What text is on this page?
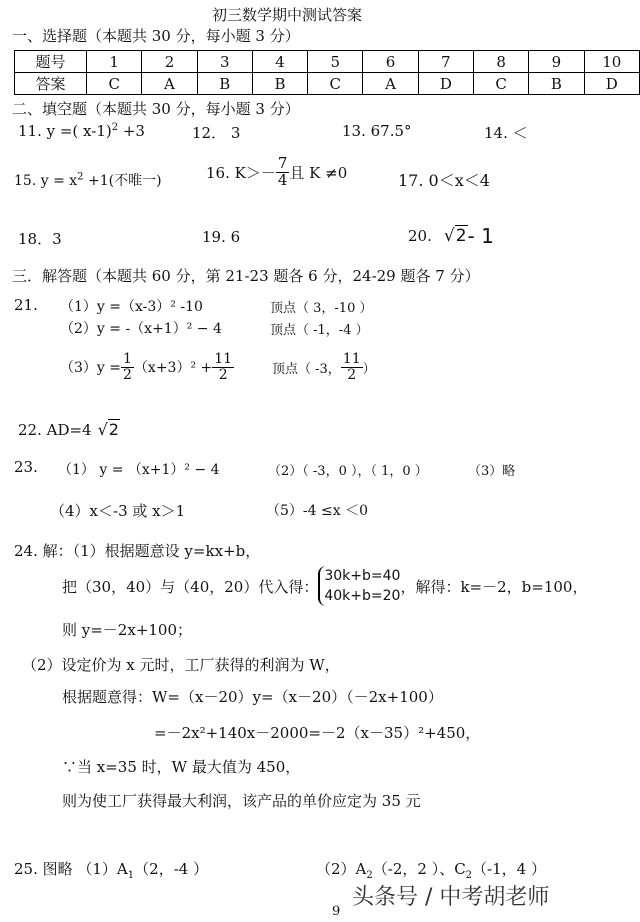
初三数学期中测试答案
一、选择题（本题共 30 分，每小题 3 分）
题号	1	2	3	4	5	6	7	8	9	10
答案	C	A	B	B	C	A	D	C	B	D
二、填空题（本题共 30 分，每小题 3 分）
11. y =( x-1)$^2$ +3	12． 3	13. 67.5°	14. ＜
15. $y = x^2 +1$(不唯一)	16. $K>- \frac{7}{4}$ 且 K ≠0	17. 0＜x＜4
18．3	19. 6	20. √2 - 1
三．解答题（本题共 60 分，第 21-23 题各 6 分，24-29 题各 7 分）
21. （1）y =（x-3）² -10	顶点（ 3，-10 ）
（2）y = -（x+1）² − 4	顶点（ -1，-4 ）
$(3)y = \frac{1}{2} (x+3)^2 + \frac{11}{2}$	顶点（ -3， $\frac{11}{2}$ ）
22. AD=4 √2
23. （1） y = （x+1）² − 4	（2）（ -3，0 ），（ 1，0 ）	（3）略
（4）x＜-3 或 x＞1	（5）-4 ≤x ＜0
24. 解：（1）根据题意设 y=kx+b，
把（30，40）与（40，20）代入得：
30k+b=40
40k+b=20
，解得：k=－2，b=100，
则 y=－2x+100；
（2）设定价为 x 元时，工厂获得的利润为 W，
根据题意得：W=（x－20）y=（x－20）（－2x+100）
=－2x²+140x－2000=－2（x－35）²+450，
∵当 x=35 时，W 最大值为 450，
则为使工厂获得最大利润，该产品的单价应定为 35 元
25. 图略 $(1)A_1(2$，-4 ）	$(2)A_2(-2$，2 ）、$C_2(-1$，4 ）
9
头条号 / 中考胡老师
